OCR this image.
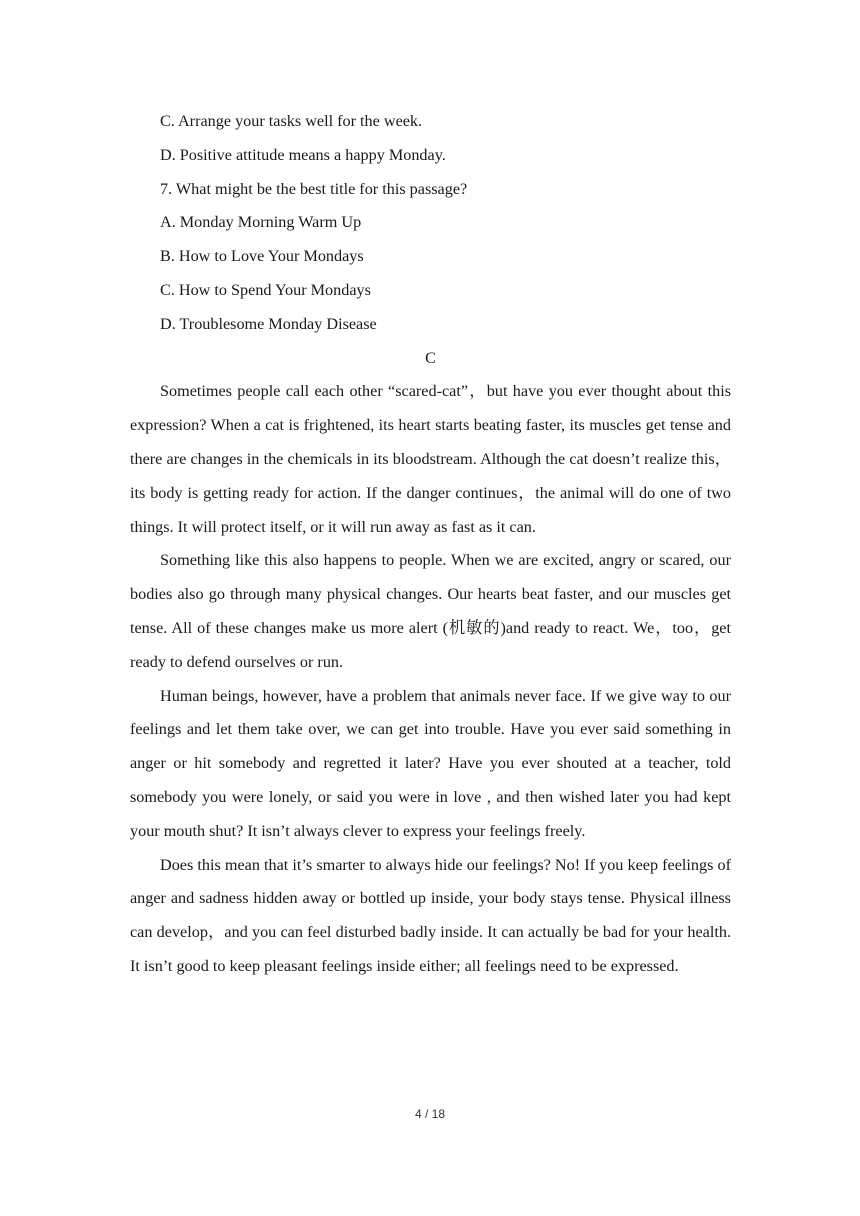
C. Arrange your tasks well for the week.

D. Positive attitude means a happy Monday.

7. What might be the best title for this passage?

A. Monday Morning Warm Up

B. How to Love Your Mondays

C. How to Spend Your Mondays

D. Troublesome Monday Disease

C

Sometimes people call each other “scared-cat”，but have you ever thought about this expression? When a cat is frightened, its heart starts beating faster, its muscles get tense and there are changes in the chemicals in its bloodstream. Although the cat doesn’t realize this，its body is getting ready for action. If the danger continues，the animal will do one of two things. It will protect itself, or it will run away as fast as it can.

Something like this also happens to people. When we are excited, angry or scared, our bodies also go through many physical changes. Our hearts beat faster, and our muscles get tense. All of these changes make us more alert (机敏的)and ready to react. We，too，get ready to defend ourselves or run.

Human beings, however, have a problem that animals never face. If we give way to our feelings and let them take over, we can get into trouble. Have you ever said something in anger or hit somebody and regretted it later? Have you ever shouted at a teacher, told somebody you were lonely, or said you were in love , and then wished later you had kept your mouth shut? It isn’t always clever to express your feelings freely.

Does this mean that it’s smarter to always hide our feelings? No! If you keep feelings of anger and sadness hidden away or bottled up inside, your body stays tense. Physical illness can develop，and you can feel disturbed badly inside. It can actually be bad for your health. It isn’t good to keep pleasant feelings inside either; all feelings need to be expressed.

4 / 18
